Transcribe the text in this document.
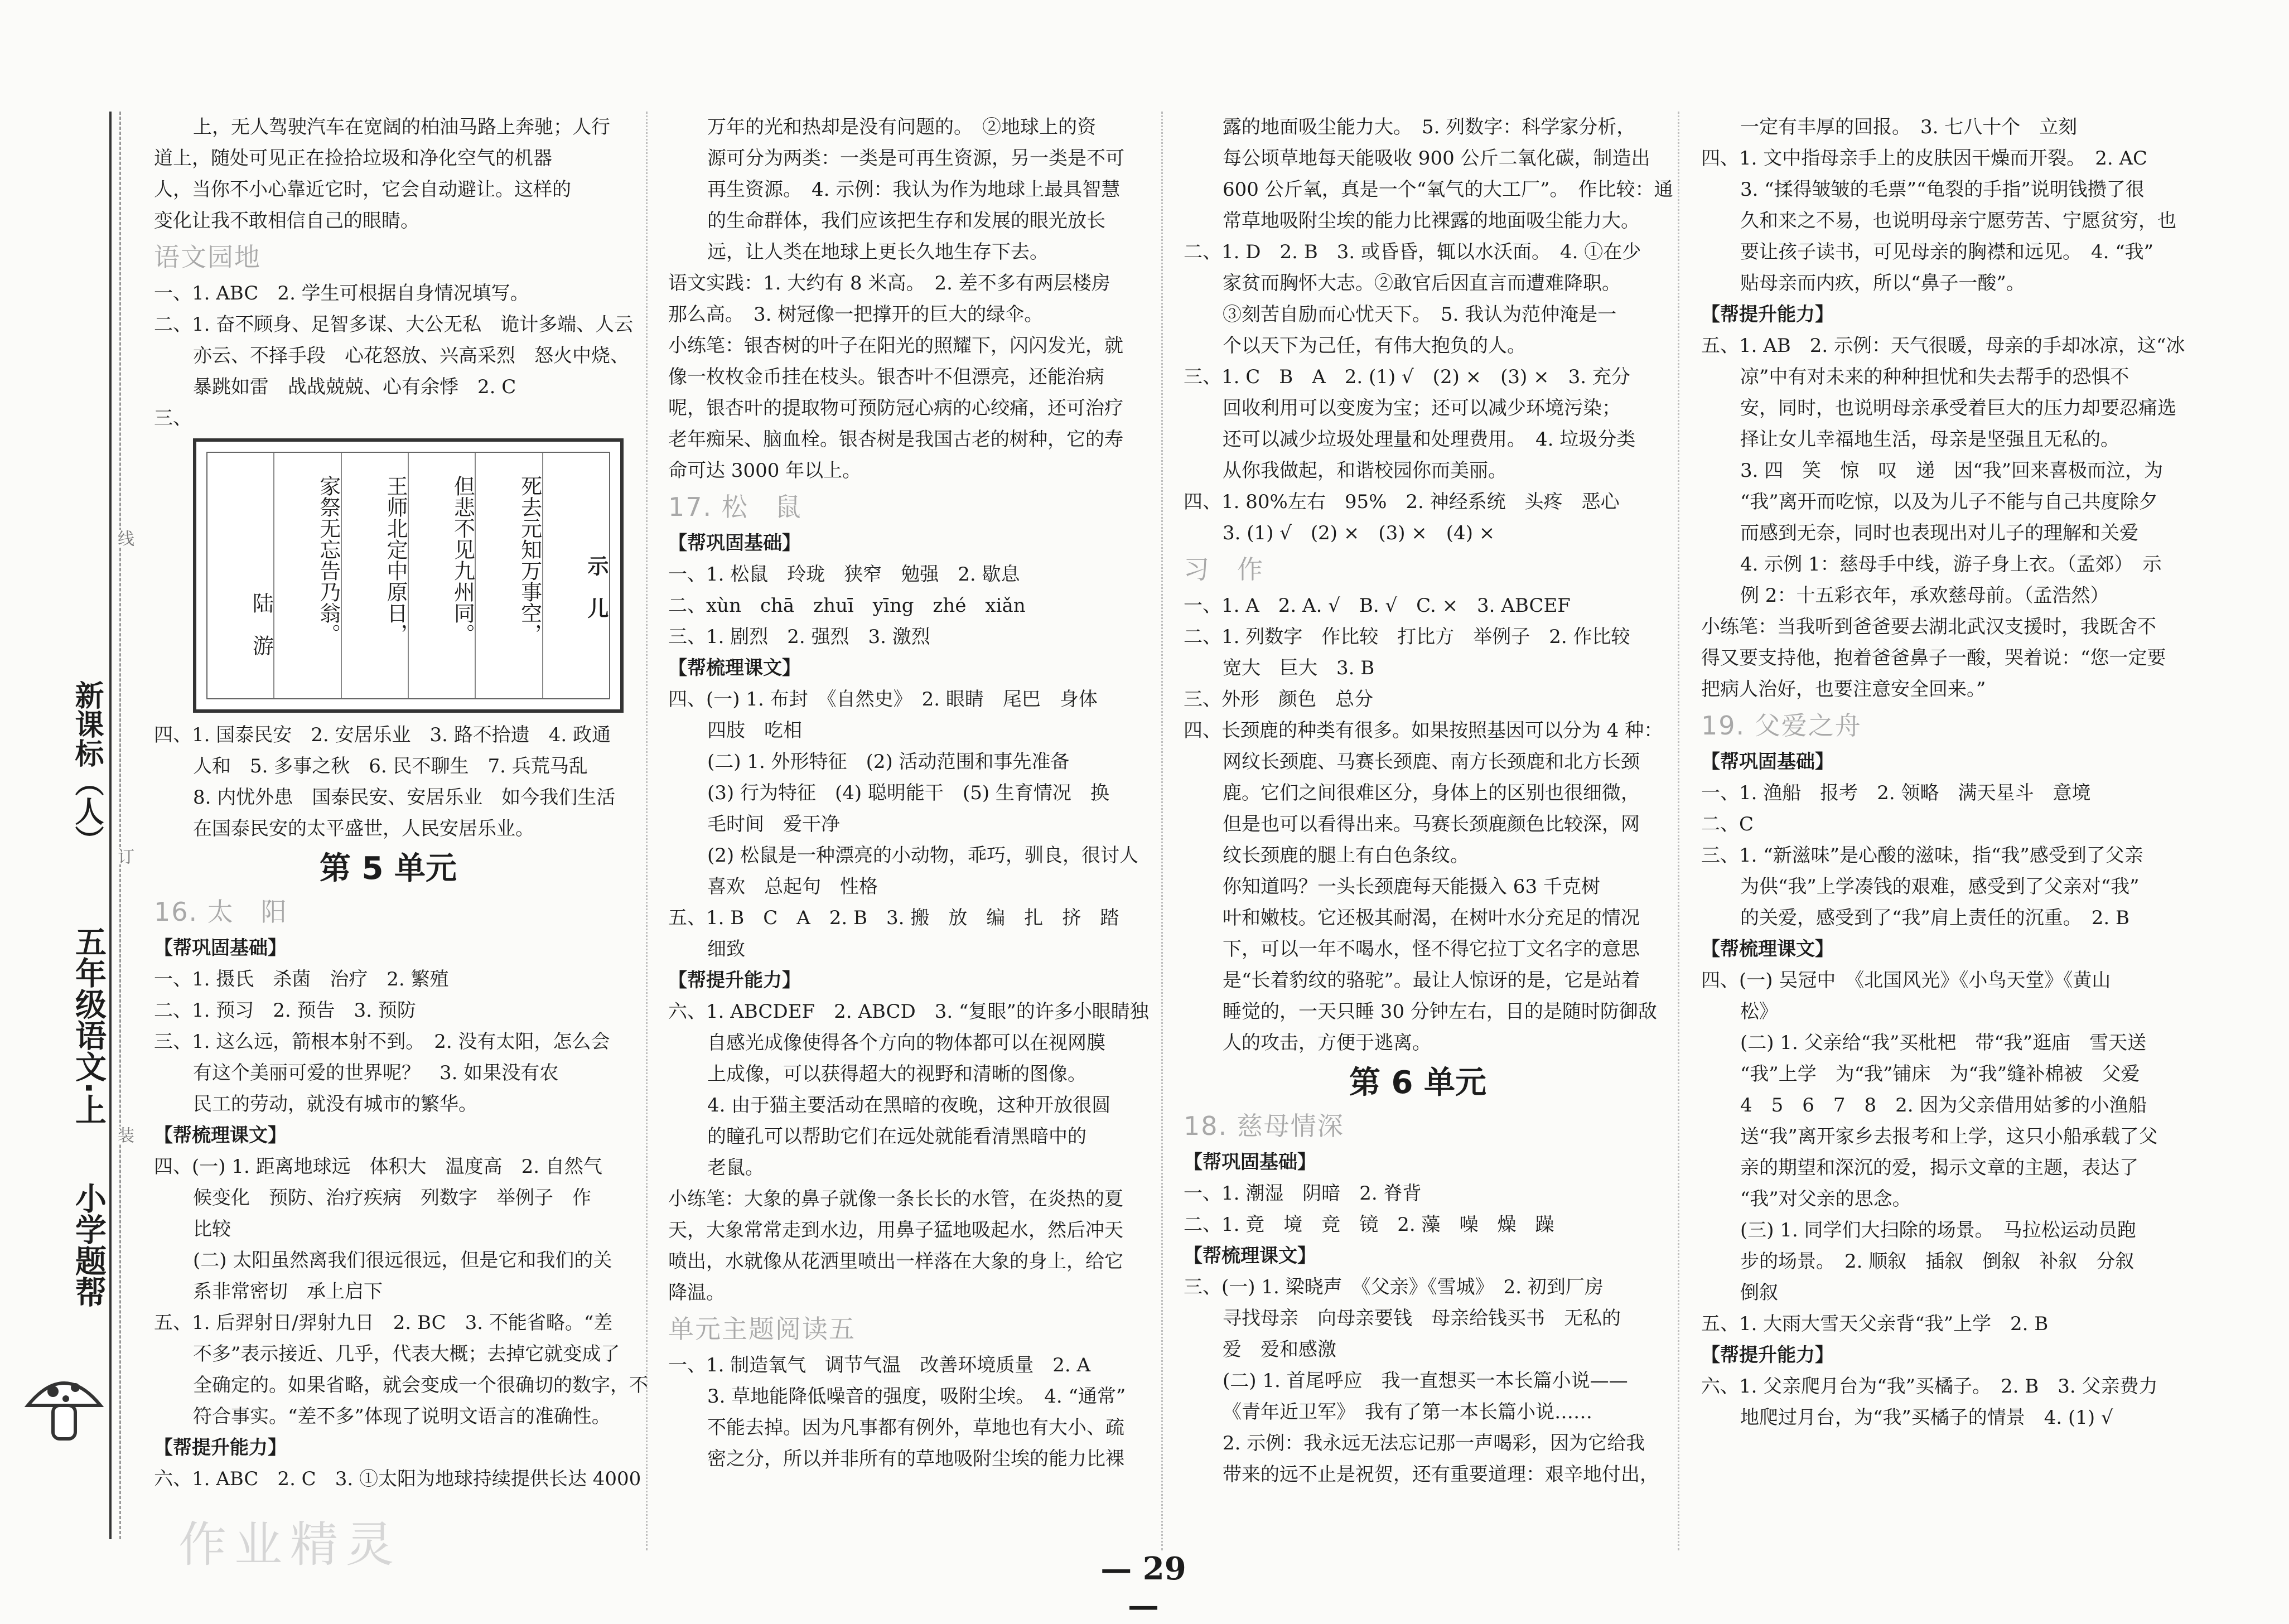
小学题帮
五年级语文·上
新课标（人）
线
订
装
上，无人驾驶汽车在宽阔的柏油马路上奔驰；人行
道上，随处可见正在捡拾垃圾和净化空气的机器
人，当你不小心靠近它时，它会自动避让。这样的
变化让我不敢相信自己的眼睛。
语文园地
一、1. ABC　2. 学生可根据自身情况填写。
二、1. 奋不顾身、足智多谋、大公无私　诡计多端、人云
亦云、不择手段　心花怒放、兴高采烈　怒火中烧、
暴跳如雷　战战兢兢、心有余悸　2. C
三、
示　儿
死去元知万事空，
但悲不见九州同。
王师北定中原日，
家祭无忘告乃翁。
陆　游
四、1. 国泰民安　2. 安居乐业　3. 路不拾遗　4. 政通
人和　5. 多事之秋　6. 民不聊生　7. 兵荒马乱
8. 内忧外患　国泰民安、安居乐业　如今我们生活
在国泰民安的太平盛世，人民安居乐业。
第 5 单元
16. 太　阳
【帮巩固基础】
一、1. 摄氏　杀菌　治疗　2. 繁殖
二、1. 预习　2. 预告　3. 预防
三、1. 这么远，箭根本射不到。　2. 没有太阳，怎么会
有这个美丽可爱的世界呢？　3. 如果没有农
民工的劳动，就没有城市的繁华。
【帮梳理课文】
四、(一) 1. 距离地球远　体积大　温度高　2. 自然气
候变化　预防、治疗疾病　列数字　举例子　作
比较
(二) 太阳虽然离我们很远很远，但是它和我们的关
系非常密切　承上启下
五、1. 后羿射日/羿射九日　2. BC　3. 不能省略。“差
不多”表示接近、几乎，代表大概；去掉它就变成了
全确定的。如果省略，就会变成一个很确切的数字，不
符合事实。“差不多”体现了说明文语言的准确性。
【帮提升能力】
六、1. ABC　2. C　3. ①太阳为地球持续提供长达 4000
万年的光和热却是没有问题的。　②地球上的资
源可分为两类：一类是可再生资源，另一类是不可
再生资源。　4. 示例：我认为作为地球上最具智慧
的生命群体，我们应该把生存和发展的眼光放长
远，让人类在地球上更长久地生存下去。
语文实践：1. 大约有 8 米高。　2. 差不多有两层楼房
那么高。　3. 树冠像一把撑开的巨大的绿伞。
小练笔：银杏树的叶子在阳光的照耀下，闪闪发光，就
像一枚枚金币挂在枝头。银杏叶不但漂亮，还能治病
呢，银杏叶的提取物可预防冠心病的心绞痛，还可治疗
老年痴呆、脑血栓。银杏树是我国古老的树种，它的寿
命可达 3000 年以上。
17. 松　鼠
【帮巩固基础】
一、1. 松鼠　玲珑　狭窄　勉强　2. 歇息
二、xùn　chā　zhuī　yīng　zhé　xiǎn
三、1. 剧烈　2. 强烈　3. 激烈
【帮梳理课文】
四、(一) 1. 布封　《自然史》　2. 眼睛　尾巴　身体
四肢　吃相
(二) 1. 外形特征　(2) 活动范围和事先准备
(3) 行为特征　(4) 聪明能干　(5) 生育情况　换
毛时间　爱干净
(2) 松鼠是一种漂亮的小动物，乖巧，驯良，很讨人
喜欢　总起句　性格
五、1. B　C　A　2. B　3. 搬　放　编　扎　挤　踏
细致
【帮提升能力】
六、1. ABCDEF　2. ABCD　3. “复眼”的许多小眼睛独
自感光成像使得各个方向的物体都可以在视网膜
上成像，可以获得超大的视野和清晰的图像。
4. 由于猫主要活动在黑暗的夜晚，这种开放很圆
的瞳孔可以帮助它们在远处就能看清黑暗中的
老鼠。
小练笔：大象的鼻子就像一条长长的水管，在炎热的夏
天，大象常常走到水边，用鼻子猛地吸起水，然后冲天
喷出，水就像从花洒里喷出一样落在大象的身上，给它
降温。
单元主题阅读五
一、1. 制造氧气　调节气温　改善环境质量　2. A
3. 草地能降低噪音的强度，吸附尘埃。　4. “通常”
不能去掉。因为凡事都有例外，草地也有大小、疏
密之分，所以并非所有的草地吸附尘埃的能力比裸
露的地面吸尘能力大。　5. 列数字：科学家分析，
每公顷草地每天能吸收 900 公斤二氧化碳，制造出
600 公斤氧，真是一个“氧气的大工厂”。　作比较：通
常草地吸附尘埃的能力比裸露的地面吸尘能力大。
二、1. D　2. B　3. 或昏昏，辄以水沃面。　4. ①在少
家贫而胸怀大志。②敢官后因直言而遭难降职。
③刻苦自励而心忧天下。　5. 我认为范仲淹是一
个以天下为己任，有伟大抱负的人。
三、1. C　B　A　2. (1) √　(2) ×　(3) ×　3. 充分
回收利用可以变废为宝；还可以减少环境污染；
还可以减少垃圾处理量和处理费用。　4. 垃圾分类
从你我做起，和谐校园你而美丽。
四、1. 80%左右　95%　2. 神经系统　头疼　恶心
3. (1) √　(2) ×　(3) ×　(4) ×
习　作
一、1. A　2. A. √　B. √　C. ×　3. ABCEF
二、1. 列数字　作比较　打比方　举例子　2. 作比较
宽大　巨大　3. B
三、外形　颜色　总分
四、长颈鹿的种类有很多。如果按照基因可以分为 4 种：
网纹长颈鹿、马赛长颈鹿、南方长颈鹿和北方长颈
鹿。它们之间很难区分，身体上的区别也很细微，
但是也可以看得出来。马赛长颈鹿颜色比较深，网
纹长颈鹿的腿上有白色条纹。
你知道吗？一头长颈鹿每天能摄入 63 千克树
叶和嫩枝。它还极其耐渴，在树叶水分充足的情况
下，可以一年不喝水，怪不得它拉丁文名字的意思
是“长着豹纹的骆驼”。最让人惊讶的是，它是站着
睡觉的，一天只睡 30 分钟左右，目的是随时防御敌
人的攻击，方便于逃离。
第 6 单元
18. 慈母情深
【帮巩固基础】
一、1. 潮湿　阴暗　2. 脊背
二、1. 竟　境　竞　镜　2. 藻　噪　燥　躁
【帮梳理课文】
三、(一) 1. 梁晓声　《父亲》《雪城》　2. 初到厂房
寻找母亲　向母亲要钱　母亲给钱买书　无私的
爱　爱和感激
(二) 1. 首尾呼应　我一直想买一本长篇小说——
《青年近卫军》　我有了第一本长篇小说……
2. 示例：我永远无法忘记那一声喝彩，因为它给我
带来的远不止是祝贺，还有重要道理：艰辛地付出，
一定有丰厚的回报。　3. 七八十个　立刻
四、1. 文中指母亲手上的皮肤因干燥而开裂。　2. AC
3. “揉得皱皱的毛票”“龟裂的手指”说明钱攒了很
久和来之不易，也说明母亲宁愿劳苦、宁愿贫穷，也
要让孩子读书，可见母亲的胸襟和远见。　4. “我”
贴母亲而内疚，所以“鼻子一酸”。
【帮提升能力】
五、1. AB　2. 示例：天气很暖，母亲的手却冰凉，这“冰
凉”中有对未来的种种担忧和失去帮手的恐惧不
安，同时，也说明母亲承受着巨大的压力却要忍痛选
择让女儿幸福地生活，母亲是坚强且无私的。
3. 四　笑　惊　叹　递　因“我”回来喜极而泣，为
“我”离开而吃惊，以及为儿子不能与自己共度除夕
而感到无奈，同时也表现出对儿子的理解和关爱
4. 示例 1：慈母手中线，游子身上衣。（孟郊）　示
例 2：十五彩衣年，承欢慈母前。（孟浩然）
小练笔：当我听到爸爸要去湖北武汉支援时，我既舍不
得又要支持他，抱着爸爸鼻子一酸，哭着说：“您一定要
把病人治好，也要注意安全回来。”
19. 父爱之舟
【帮巩固基础】
一、1. 渔船　报考　2. 领略　满天星斗　意境
二、C
三、1. “新滋味”是心酸的滋味，指“我”感受到了父亲
为供“我”上学凑钱的艰难，感受到了父亲对“我”
的关爱，感受到了“我”肩上责任的沉重。　2. B
【帮梳理课文】
四、(一) 吴冠中　《北国风光》《小鸟天堂》《黄山
松》
(二) 1. 父亲给“我”买枇杷　带“我”逛庙　雪天送
“我”上学　为“我”铺床　为“我”缝补棉被　父爱
4　5　6　7　8　2. 因为父亲借用姑爹的小渔船
送“我”离开家乡去报考和上学，这只小船承载了父
亲的期望和深沉的爱，揭示文章的主题，表达了
“我”对父亲的思念。
(三) 1. 同学们大扫除的场景。　马拉松运动员跑
步的场景。　2. 顺叙　插叙　倒叙　补叙　分叙
倒叙
五、1. 大雨大雪天父亲背“我”上学　2. B
【帮提升能力】
六、1. 父亲爬月台为“我”买橘子。　2. B　3. 父亲费力
地爬过月台，为“我”买橘子的情景　4. (1) √
— 29 —
作业精灵
